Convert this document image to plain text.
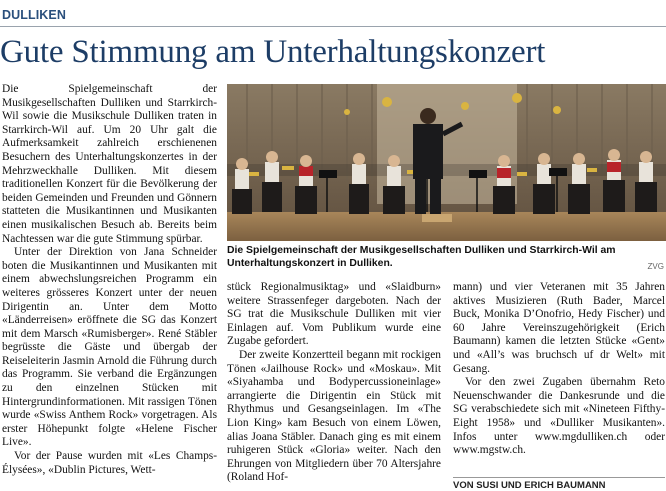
DULLIKEN
Gute Stimmung am Unterhaltungskonzert

Die Spielgemeinschaft der Musikgesellschaften Dulliken und Starrkirch-Wil sowie die Musikschule Dulliken traten in Starrkirch-Wil auf. Um 20 Uhr galt die Aufmerksamkeit zahlreich erschienenen Besuchern des Unterhaltungskonzertes in der Mehrzweckhalle Dulliken. Mit diesem traditionellen Konzert für die Bevölkerung der beiden Gemeinden und Freunden und Gönnern statteten die Musikantinnen und Musikanten einen musikalischen Besuch ab. Bereits beim Nachtessen war die gute Stimmung spürbar.

Unter der Direktion von Jana Schneider boten die Musikantinnen und Musikanten mit einem abwechslungsreichen Programm ein weiteres grösseres Konzert unter der neuen Dirigentin an. Unter dem Motto «Länderreisen» eröffnete die SG das Konzert mit dem Marsch «Rumisberger». René Stäbler begrüsste die Gäste und übergab der Reiseleiterin Jasmin Arnold die Führung durch das Programm. Sie verband die Ergänzungen zu den einzelnen Stücken mit Hintergrundinformationen. Mit rassigen Tönen wurde «Swiss Anthem Rock» vorgetragen. Als erster Höhepunkt folgte «Helene Fischer Live».

Vor der Pause wurden mit «Les Champs-Élysées», «Dublin Pictures, Wett-

Die Spielgemeinschaft der Musikgesellschaften Dulliken und Starrkirch-Wil am Unterhaltungskonzert in Dulliken.	ZVG

stück Regionalmusiktag» und «Slaidburn» weitere Strassenfeger dargeboten. Nach der SG trat die Musikschule Dulliken mit vier Einlagen auf. Vom Publikum wurde eine Zugabe gefordert.

Der zweite Konzertteil begann mit rockigen Tönen «Jailhouse Rock» und «Moskau». Mit «Siyahamba und Bodypercussioneinlage» arrangierte die Dirigentin ein Stück mit Rhythmus und Gesangseinlagen. Im «The Lion King» kam Besuch von einem Löwen, alias Joana Stäbler. Danach ging es mit einem ruhigeren Stück «Gloria» weiter. Nach den Ehrungen von Mitgliedern über 70 Altersjahre (Roland Hof-

mann) und vier Veteranen mit 35 Jahren aktives Musizieren (Ruth Bader, Marcel Buck, Monika D’Onofrio, Hedy Fischer) und 60 Jahre Vereinszugehörigkeit (Erich Baumann) kamen die letzten Stücke «Gent» und «All’s was bruchsch uf dr Welt» mit Gesang.

Vor den zwei Zugaben übernahm Reto Neuenschwander die Dankesrunde und die SG verabschiedete sich mit «Nineteen Fifthy-Eight 1958» und «Dulliker Musikanten». Infos unter www.mgdulliken.ch oder www.mgstw.ch.

VON SUSI UND ERICH BAUMANN
